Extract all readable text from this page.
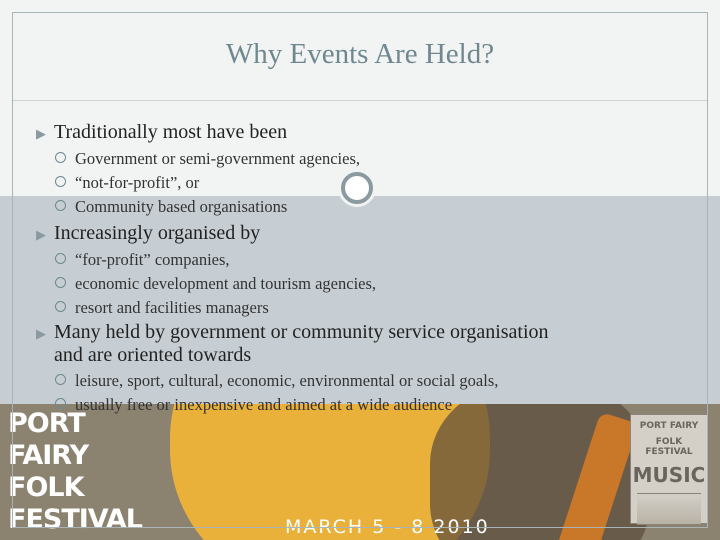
PORT
FAIRY
FOLK
FESTIVAL	MARCH 5 - 8 2010
PORT FAIRY
FOLK FESTIVAL
MUSIC
Why Events Are Held?
▶ Traditionally most have been
Government or semi-government agencies,
“not-for-profit”, or
Community based organisations
▶ Increasingly organised by
“for-profit” companies,
economic development and tourism agencies,
resort and facilities managers
▶ Many held by government or community service organisation
and are oriented towards
leisure, sport, cultural, economic, environmental or social goals,
usually free or inexpensive and aimed at a wide audience
